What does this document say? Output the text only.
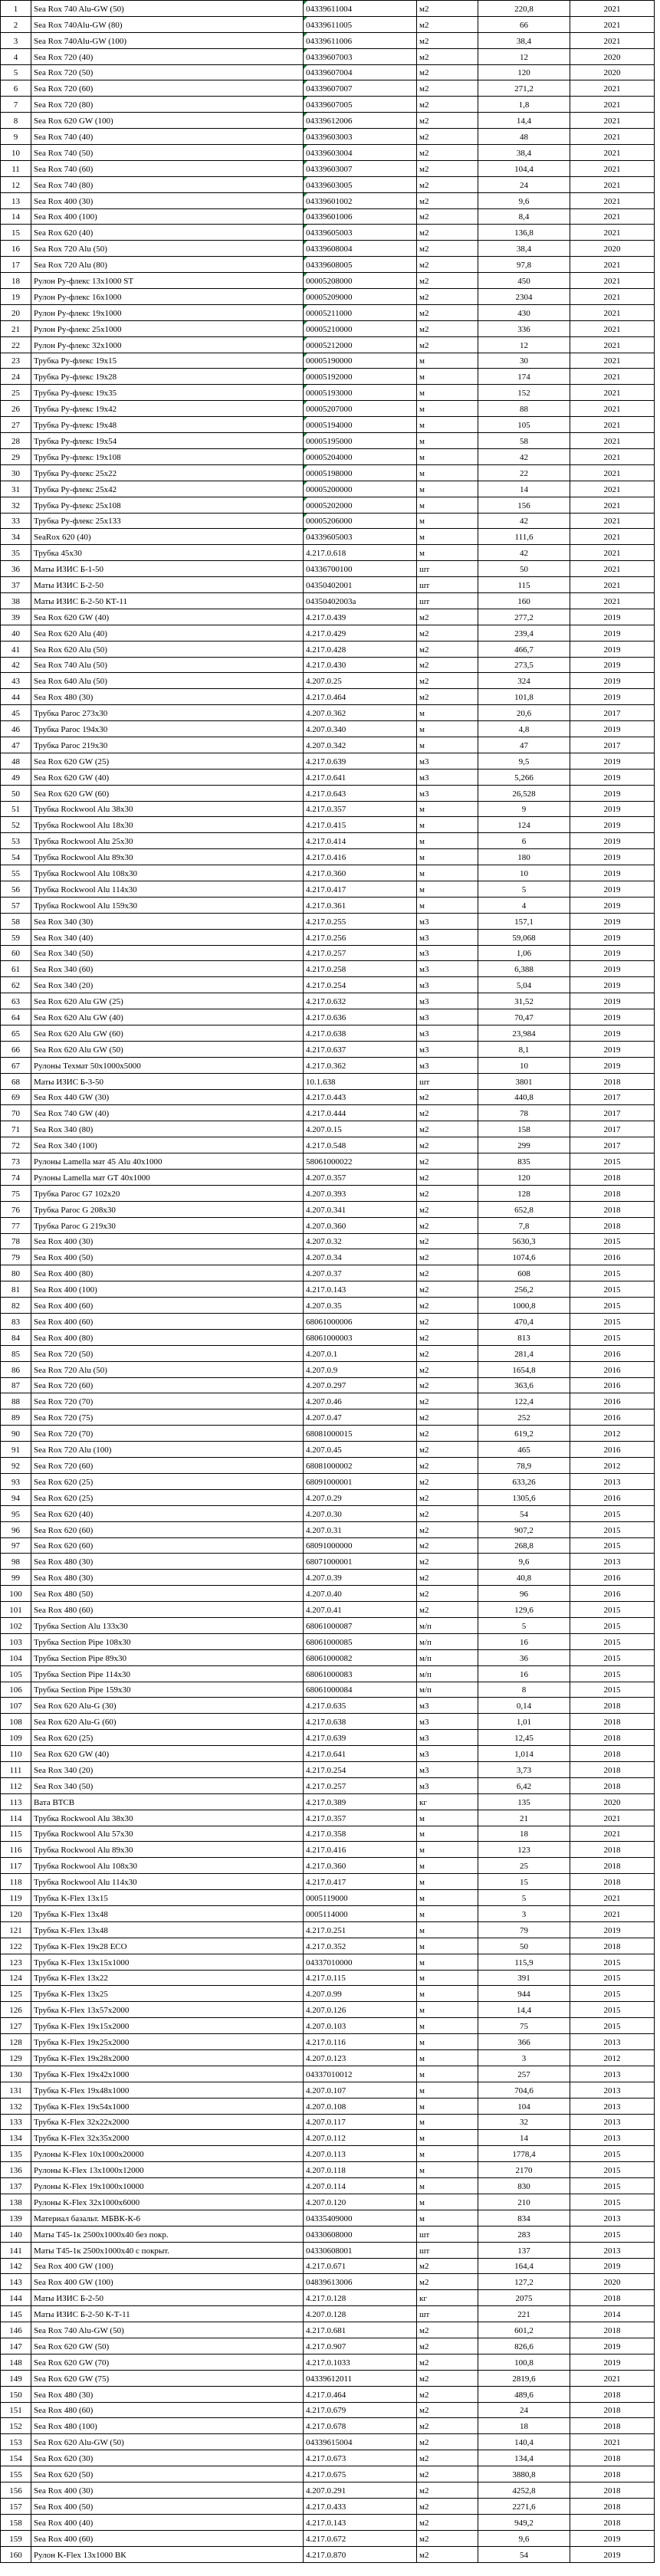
1	Sea Rox 740 Alu-GW (50)	04339611004	м2	220,8	2021
2	Sea Rox 740Alu-GW (80)	04339611005	м2	66	2021
3	Sea Rox 740Alu-GW (100)	04339611006	м2	38,4	2021
4	Sea Rox 720 (40)	04339607003	м2	12	2020
5	Sea Rox 720 (50)	04339607004	м2	120	2020
6	Sea Rox 720 (60)	04339607007	м2	271,2	2021
7	Sea Rox 720 (80)	04339607005	м2	1,8	2021
8	Sea Rox 620 GW (100)	04339612006	м2	14,4	2021
9	Sea Rox 740 (40)	04339603003	м2	48	2021
10	Sea Rox 740 (50)	04339603004	м2	38,4	2021
11	Sea Rox 740 (60)	04339603007	м2	104,4	2021
12	Sea Rox 740 (80)	04339603005	м2	24	2021
13	Sea Rox 400 (30)	04339601002	м2	9,6	2021
14	Sea Rox 400 (100)	04339601006	м2	8,4	2021
15	Sea Rox 620 (40)	04339605003	м2	136,8	2021
16	Sea Rox 720 Alu (50)	04339608004	м2	38,4	2020
17	Sea Rox 720 Alu (80)	04339608005	м2	97,8	2021
18	Рулон Ру-флекс 13х1000 ST	00005208000	м2	450	2021
19	Рулон Ру-флекс 16х1000	00005209000	м2	2304	2021
20	Рулон Ру-флекс 19х1000	00005211000	м2	430	2021
21	Рулон Ру-флекс 25х1000	00005210000	м2	336	2021
22	Рулон Ру-флекс 32х1000	00005212000	м2	12	2021
23	Трубка Ру-флекс 19х15	00005190000	м	30	2021
24	Трубка Ру-флекс 19х28	00005192000	м	174	2021
25	Трубка Ру-флекс 19х35	00005193000	м	152	2021
26	Трубка Ру-флекс 19х42	00005207000	м	88	2021
27	Трубка Ру-флекс 19х48	00005194000	м	105	2021
28	Трубка Ру-флекс 19х54	00005195000	м	58	2021
29	Трубка Ру-флекс 19х108	00005204000	м	42	2021
30	Трубка Ру-флекс 25х22	00005198000	м	22	2021
31	Трубка Ру-флекс 25х42	00005200000	м	14	2021
32	Трубка Ру-флекс 25х108	00005202000	м	156	2021
33	Трубка Ру-флекс 25х133	00005206000	м	42	2021
34	SeaRox 620 (40)	04339605003	м	111,6	2021
35	Трубка 45х30	4.217.0.618	м	42	2021
36	Маты ИЗИС Б-1-50	04336700100	шт	50	2021
37	Маты ИЗИС Б-2-50	04350402001	шт	115	2021
38	Маты ИЗИС Б-2-50 КТ-11	04350402003а	шт	160	2021
39	Sea Rox 620 GW (40)	4.217.0.439	м2	277,2	2019
40	Sea Rox 620 Alu (40)	4.217.0.429	м2	239,4	2019
41	Sea Rox 620 Alu (50)	4.217.0.428	м2	466,7	2019
42	Sea Rox 740 Alu (50)	4.217.0.430	м2	273,5	2019
43	Sea Rox 640 Alu (50)	4.207.0.25	м2	324	2019
44	Sea Rox 480 (30)	4.217.0.464	м2	101,8	2019
45	Трубка Paroc 273х30	4.207.0.362	м	20,6	2017
46	Трубка Paroc 194х30	4.207.0.340	м	4,8	2019
47	Трубка Paroc 219х30	4.207.0.342	м	47	2017
48	Sea Rox 620 GW (25)	4.217.0.639	м3	9,5	2019
49	Sea Rox 620 GW (40)	4.217.0.641	м3	5,266	2019
50	Sea Rox 620 GW (60)	4.217.0.643	м3	26,528	2019
51	Трубка Rockwool Alu 38х30	4.217.0.357	м	9	2019
52	Трубка Rockwool Alu 18х30	4.217.0.415	м	124	2019
53	Трубка Rockwool Alu 25х30	4.217.0.414	м	6	2019
54	Трубка Rockwool Alu 89х30	4.217.0.416	м	180	2019
55	Трубка Rockwool Alu 108х30	4.217.0.360	м	10	2019
56	Трубка Rockwool Alu 114х30	4.217.0.417	м	5	2019
57	Трубка Rockwool Alu 159х30	4.217.0.361	м	4	2019
58	Sea Rox 340 (30)	4.217.0.255	м3	157,1	2019
59	Sea Rox 340 (40)	4.217.0.256	м3	59,068	2019
60	Sea Rox 340 (50)	4.217.0.257	м3	1,06	2019
61	Sea Rox 340 (60)	4.217.0.258	м3	6,388	2019
62	Sea Rox 340 (20)	4.217.0.254	м3	5,04	2019
63	Sea Rox 620 Alu GW (25)	4.217.0.632	м3	31,52	2019
64	Sea Rox 620 Alu GW (40)	4.217.0.636	м3	70,47	2019
65	Sea Rox 620 Alu GW (60)	4.217.0.638	м3	23,984	2019
66	Sea Rox 620 Alu GW (50)	4.217.0.637	м3	8,1	2019
67	Рулоны Техмат 50х1000х5000	4.217.0.362	м3	10	2019
68	Маты ИЗИС Б-3-50	10.1.638	шт	3801	2018
69	Sea Rox 440 GW (30)	4.217.0.443	м2	440,8	2017
70	Sea Rox 740 GW (40)	4.217.0.444	м2	78	2017
71	Sea Rox 340 (80)	4.207.0.15	м2	158	2017
72	Sea Rox 340 (100)	4.217.0.548	м2	299	2017
73	Рулоны Lamella мат 45 Alu 40х1000	58061000022	м2	835	2015
74	Рулоны Lamella мат GT 40х1000	4.207.0.357	м2	120	2018
75	Трубка Paroc G7 102х20	4.207.0.393	м2	128	2018
76	Трубка Paroc G 208х30	4.207.0.341	м2	652,8	2018
77	Трубка Paroc G 219х30	4.207.0.360	м2	7,8	2018
78	Sea Rox 400 (30)	4.207.0.32	м2	5630,3	2015
79	Sea Rox 400 (50)	4.207.0.34	м2	1074,6	2016
80	Sea Rox 400 (80)	4.207.0.37	м2	608	2015
81	Sea Rox 400 (100)	4.217.0.143	м2	256,2	2015
82	Sea Rox 400 (60)	4.207.0.35	м2	1000,8	2015
83	Sea Rox 400 (60)	68061000006	м2	470,4	2015
84	Sea Rox 400 (80)	68061000003	м2	813	2015
85	Sea Rox 720 (50)	4.207.0.1	м2	281,4	2016
86	Sea Rox 720 Alu (50)	4.207.0.9	м2	1654,8	2016
87	Sea Rox 720 (60)	4.207.0.297	м2	363,6	2016
88	Sea Rox 720 (70)	4.207.0.46	м2	122,4	2016
89	Sea Rox 720 (75)	4.207.0.47	м2	252	2016
90	Sea Rox 720 (70)	68081000015	м2	619,2	2012
91	Sea Rox 720 Alu (100)	4.207.0.45	м2	465	2016
92	Sea Rox 720 (60)	68081000002	м2	78,9	2012
93	Sea Rox 620 (25)	68091000001	м2	633,26	2013
94	Sea Rox 620 (25)	4.207.0.29	м2	1305,6	2016
95	Sea Rox 620 (40)	4.207.0.30	м2	54	2015
96	Sea Rox 620 (60)	4.207.0.31	м2	907,2	2015
97	Sea Rox 620 (60)	68091000000	м2	268,8	2015
98	Sea Rox 480 (30)	68071000001	м2	9,6	2013
99	Sea Rox 480 (30)	4.207.0.39	м2	40,8	2016
100	Sea Rox 480 (50)	4.207.0.40	м2	96	2016
101	Sea Rox 480 (60)	4.207.0.41	м2	129,6	2015
102	Трубка Section Alu 133х30	68061000087	м/п	5	2015
103	Трубка Section Pipe 108х30	68061000085	м/п	16	2015
104	Трубка Section Pipe 89х30	68061000082	м/п	36	2015
105	Трубка Section Pipe 114х30	68061000083	м/п	16	2015
106	Трубка Section Pipe 159х30	68061000084	м/п	8	2015
107	Sea Rox 620 Alu-G (30)	4.217.0.635	м3	0,14	2018
108	Sea Rox 620 Alu-G (60)	4.217.0.638	м3	1,01	2018
109	Sea Rox 620 (25)	4.217.0.639	м3	12,45	2018
110	Sea Rox 620 GW (40)	4.217.0.641	м3	1,014	2018
111	Sea Rox 340 (20)	4.217.0.254	м3	3,73	2018
112	Sea Rox 340 (50)	4.217.0.257	м3	6,42	2018
113	Вата ВТСВ	4.217.0.389	кг	135	2020
114	Трубка Rockwool Alu 38х30	4.217.0.357	м	21	2021
115	Трубка Rockwool Alu 57х30	4.217.0.358	м	18	2021
116	Трубка Rockwool Alu 89х30	4.217.0.416	м	123	2018
117	Трубка Rockwool Alu 108х30	4.217.0.360	м	25	2018
118	Трубка Rockwool Alu 114х30	4.217.0.417	м	15	2018
119	Трубка K-Flex 13х15	0005119000	м	5	2021
120	Трубка K-Flex 13х48	0005114000	м	3	2021
121	Трубка K-Flex 13х48	4.217.0.251	м	79	2019
122	Трубка K-Flex 19х28 ECO	4.217.0.352	м	50	2018
123	Трубка K-Flex 13х15х1000	04337010000	м	115,9	2015
124	Трубка K-Flex 13х22	4.217.0.115	м	391	2015
125	Трубка K-Flex 13х25	4.207.0.99	м	944	2015
126	Трубка K-Flex 13х57х2000	4.207.0.126	м	14,4	2015
127	Трубка K-Flex 19х15х2000	4.207.0.103	м	75	2015
128	Трубка K-Flex 19х25х2000	4.217.0.116	м	366	2013
129	Трубка K-Flex 19х28х2000	4.207.0.123	м	3	2012
130	Трубка K-Flex 19х42х1000	04337010012	м	257	2013
131	Трубка K-Flex 19х48х1000	4.207.0.107	м	704,6	2013
132	Трубка K-Flex 19х54х1000	4.207.0.108	м	104	2013
133	Трубка K-Flex 32х22х2000	4.207.0.117	м	32	2013
134	Трубка K-Flex 32х35х2000	4.207.0.112	м	14	2013
135	Рулоны K-Flex 10х1000х20000	4.207.0.113	м	1778,4	2015
136	Рулоны K-Flex 13х1000х12000	4.207.0.118	м	2170	2015
137	Рулоны K-Flex 19х1000х10000	4.207.0.114	м	830	2015
138	Рулоны K-Flex 32х1000х6000	4.207.0.120	м	210	2015
139	Материал базальт. МБВК-К-6	04335409000	м	834	2013
140	Маты Т45-1к 2500х1000х40 без покр.	04330608000	шт	283	2015
141	Маты Т45-1к 2500х1000х40 с покрыт.	04330608001	шт	137	2013
142	Sea Rox 400 GW (100)	4.217.0.671	м2	164,4	2019
143	Sea Rox 400 GW (100)	04839613006	м2	127,2	2020
144	Маты ИЗИС Б-2-50	4.217.0.128	кг	2075	2018
145	Маты ИЗИС Б-2-50 К-Т-11	4.207.0.128	шт	221	2014
146	Sea Rox 740 Alu-GW (50)	4.217.0.681	м2	601,2	2018
147	Sea Rox 620 GW (50)	4.217.0.907	м2	826,6	2019
148	Sea Rox 620 GW (70)	4.217.0.1033	м2	100,8	2019
149	Sea Rox 620 GW (75)	04339612011	м2	2819,6	2021
150	Sea Rox 480 (30)	4.217.0.464	м2	489,6	2018
151	Sea Rox 480 (60)	4.217.0.679	м2	24	2018
152	Sea Rox 480 (100)	4.217.0.678	м2	18	2018
153	Sea Rox 620 Alu-GW (50)	04339615004	м2	140,4	2021
154	Sea Rox 620 (30)	4.217.0.673	м2	134,4	2018
155	Sea Rox 620 (50)	4.217.0.675	м2	3880,8	2018
156	Sea Rox 400 (30)	4.207.0.291	м2	4252,8	2018
157	Sea Rox 400 (50)	4.217.0.433	м2	2271,6	2018
158	Sea Rox 400 (40)	4.217.0.143	м2	949,2	2018
159	Sea Rox 400 (60)	4.217.0.672	м2	9,6	2019
160	Рулон K-Flex 13х1000 ВК	4.217.0.870	м2	54	2019
